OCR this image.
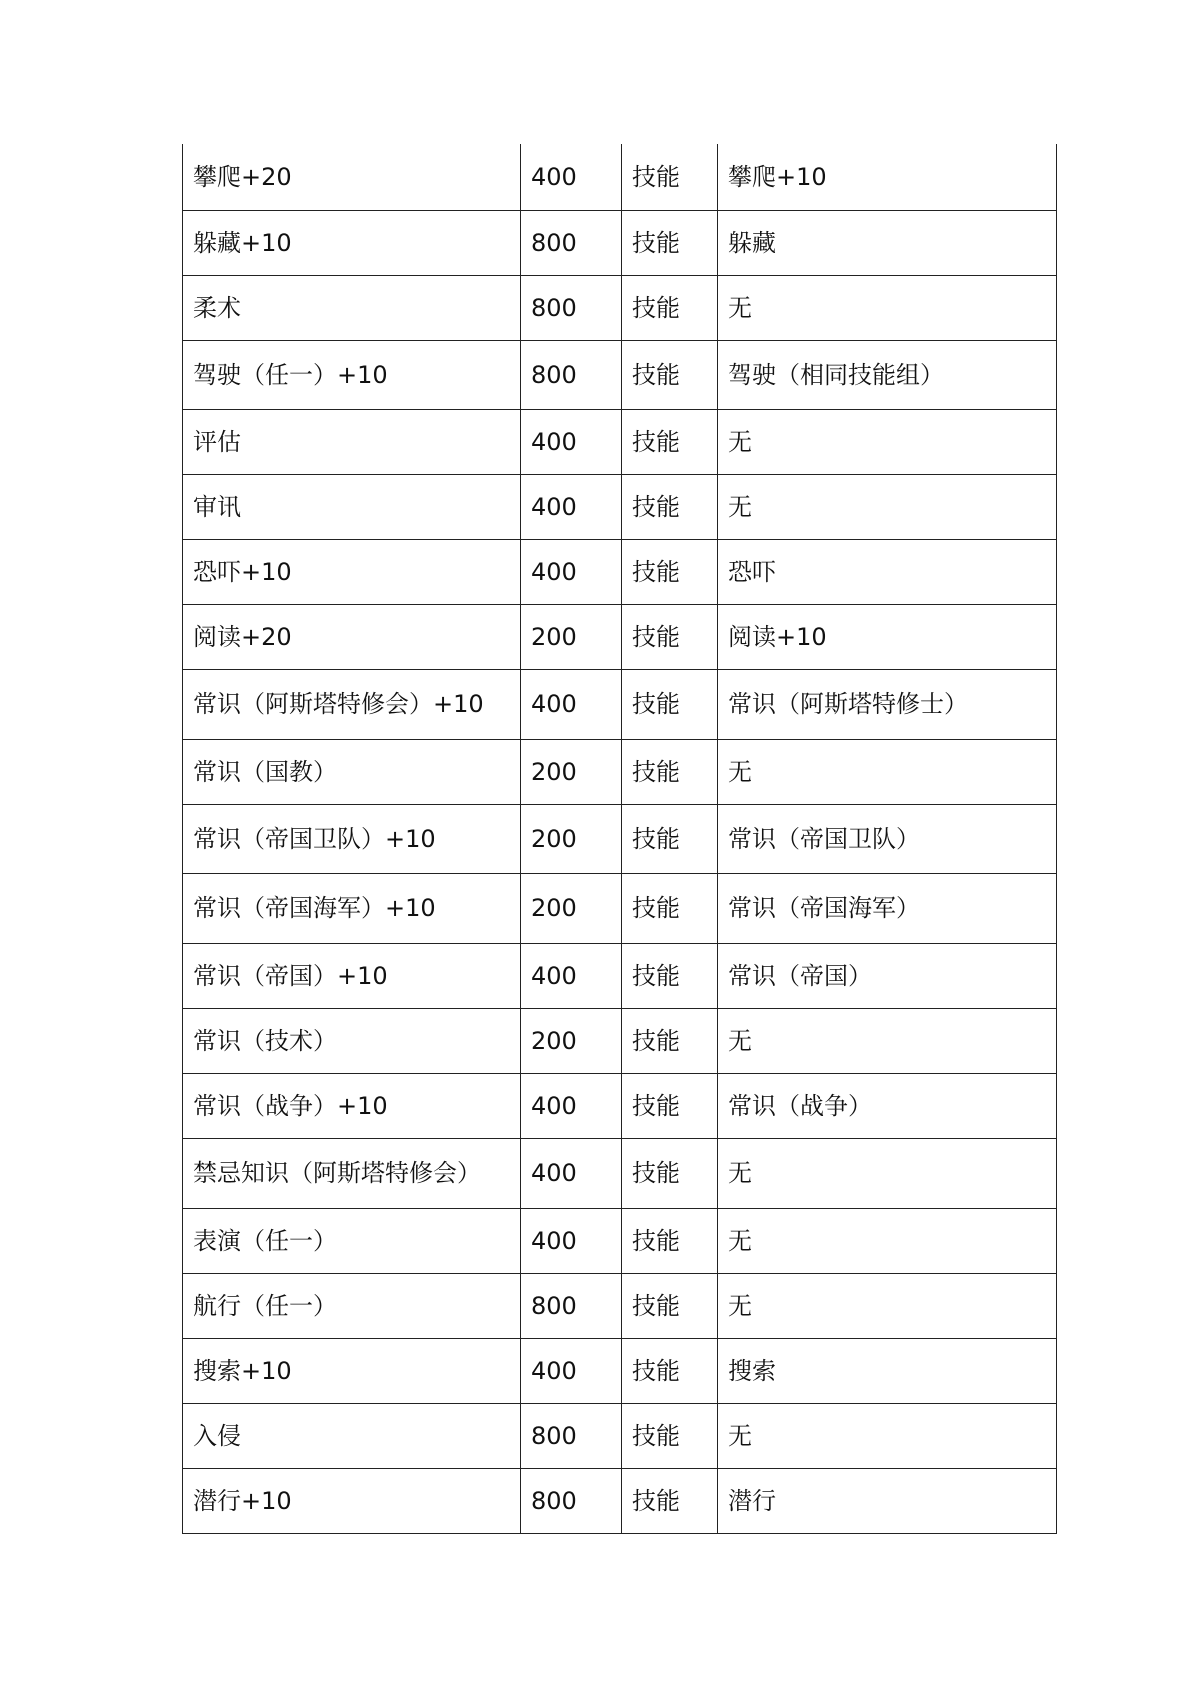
攀爬+20	400	技能	攀爬+10
躲藏+10	800	技能	躲藏
柔术	800	技能	无
驾驶（任一）+10	800	技能	驾驶（相同技能组）
评估	400	技能	无
审讯	400	技能	无
恐吓+10	400	技能	恐吓
阅读+20	200	技能	阅读+10
常识（阿斯塔特修会）+10	400	技能	常识（阿斯塔特修士）
常识（国教）	200	技能	无
常识（帝国卫队）+10	200	技能	常识（帝国卫队）
常识（帝国海军）+10	200	技能	常识（帝国海军）
常识（帝国）+10	400	技能	常识（帝国）
常识（技术）	200	技能	无
常识（战争）+10	400	技能	常识（战争）
禁忌知识（阿斯塔特修会）	400	技能	无
表演（任一）	400	技能	无
航行（任一）	800	技能	无
搜索+10	400	技能	搜索
入侵	800	技能	无
潜行+10	800	技能	潜行
